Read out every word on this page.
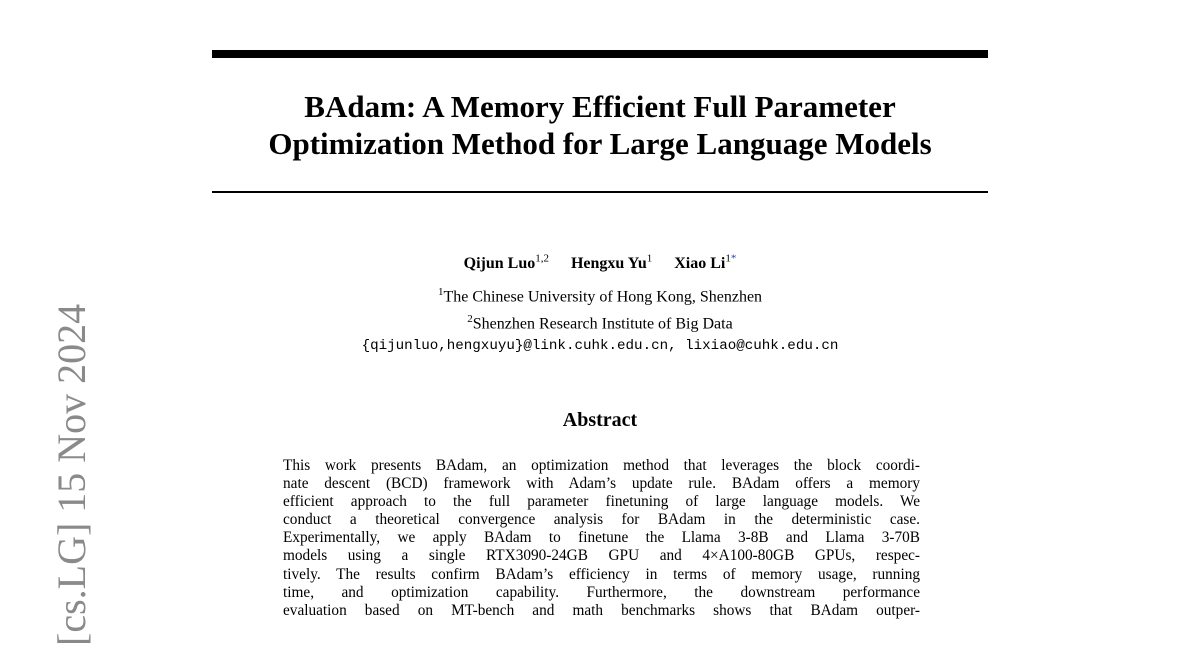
[cs.LG] 15 Nov 2024
BAdam: A Memory Efficient Full Parameter
Optimization Method for Large Language Models
Qijun Luo$^{1,2}$ Hengxu Yu$^1$ Xiao $Li^{1*}$
$^1$The Chinese University of Hong Kong, Shenzhen
$^2$Shenzhen Research Institute of Big Data
{qijunluo,hengxuyu}@link.cuhk.edu.cn, lixiao@cuhk.edu.cn
Abstract
This work presents BAdam, an optimization method that leverages the block coordi-
nate descent (BCD) framework with Adam’s update rule. BAdam offers a memory
efficient approach to the full parameter finetuning of large language models. We
conduct a theoretical convergence analysis for BAdam in the deterministic case.
Experimentally, we apply BAdam to finetune the Llama 3-8B and Llama 3-70B
models using a single RTX3090-24GB GPU and 4×A100-80GB GPUs, respec-
tively. The results confirm BAdam’s efficiency in terms of memory usage, running
time, and optimization capability. Furthermore, the downstream performance
evaluation based on MT-bench and math benchmarks shows that BAdam outper-
